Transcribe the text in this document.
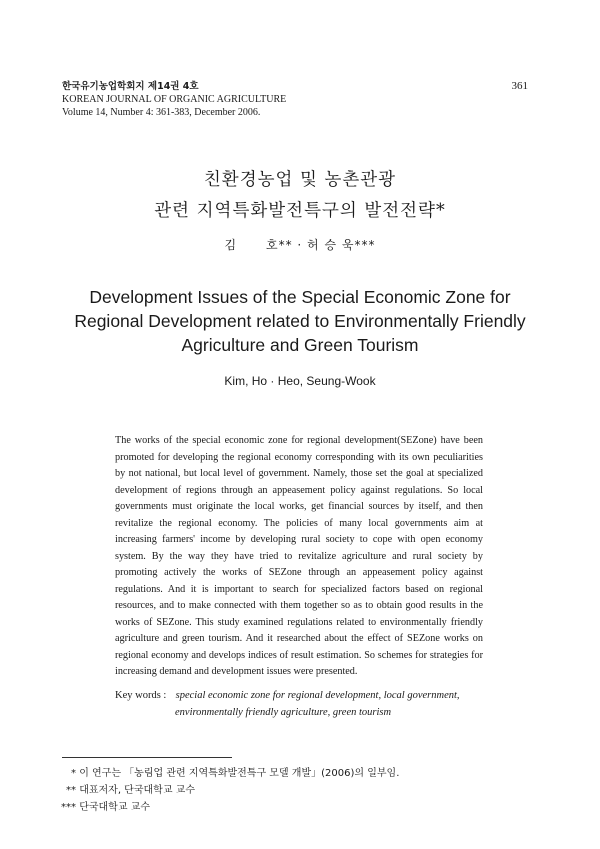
한국유기농업학회지 제14권 4호
KOREAN JOURNAL OF ORGANIC AGRICULTURE
Volume 14, Number 4: 361-383, December 2006.
361
친환경농업 및 농촌관광
관련 지역특화발전특구의 발전전략*
김      호** · 허 승 욱***
Development Issues of the Special Economic Zone for
Regional Development related to Environmentally Friendly
Agriculture and Green Tourism
Kim, Ho · Heo, Seung-Wook

The works of the special economic zone for regional development(SEZone) have been promoted for developing the regional economy corresponding with its own peculiarities by not national, but local level of government. Namely, those set the goal at specialized development of regions through an appeasement policy against regulations. So local governments must originate the local works, get financial sources by itself, and then revitalize the regional economy. The policies of many local governments aim at increasing farmers' income by developing rural society to cope with open economy system. By the way they have tried to revitalize agriculture and rural society by promoting actively the works of SEZone through an appeasement policy against regulations. And it is important to search for specialized factors based on regional resources, and to make connected with them together so as to obtain good results in the works of SEZone. This study examined regulations related to environmentally friendly agriculture and green tourism. And it researched about the effect of SEZone works on regional economy and develops indices of result estimation. So schemes for strategies for increasing demand and development issues were presented.

Key words : special economic zone for regional development, local government,
environmentally friendly agriculture, green tourism
* 이 연구는 「농림업 관련 지역특화발전특구 모델 개발」(2006)의 일부임.
** 대표저자, 단국대학교 교수
*** 단국대학교 교수
